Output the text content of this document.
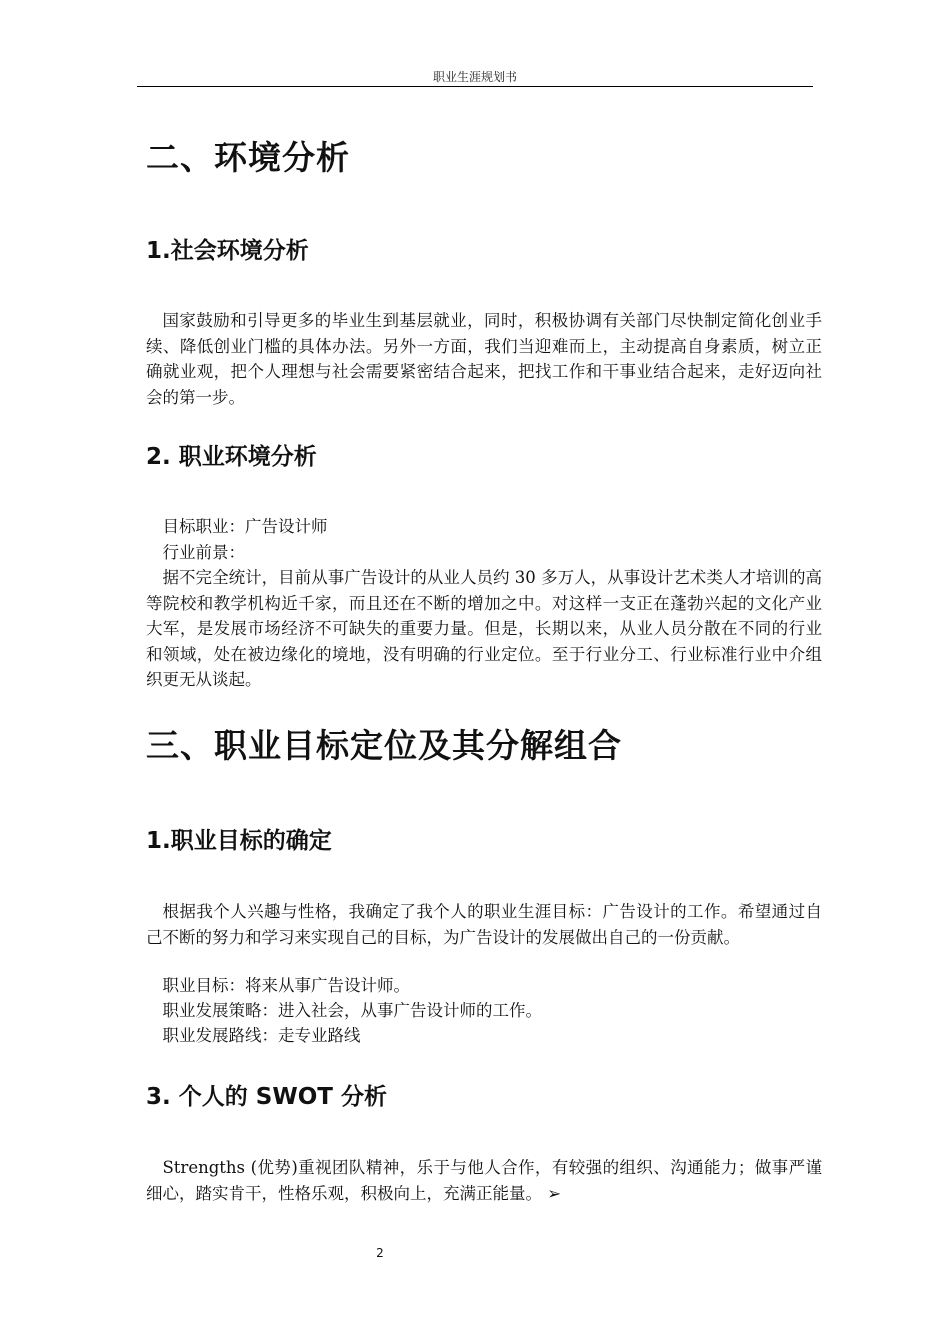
职业生涯规划书
二、环境分析
1.社会环境分析

国家鼓励和引导更多的毕业生到基层就业，同时，积极协调有关部门尽快制定简化创业手续、降低创业门槛的具体办法。另外一方面，我们当迎难而上，主动提高自身素质，树立正确就业观，把个人理想与社会需要紧密结合起来，把找工作和干事业结合起来，走好迈向社会的第一步。

2. 职业环境分析

目标职业：广告设计师

行业前景：

据不完全统计，目前从事广告设计的从业人员约 30 多万人，从事设计艺术类人才培训的高等院校和教学机构近千家，而且还在不断的增加之中。对这样一支正在蓬勃兴起的文化产业大军，是发展市场经济不可缺失的重要力量。但是，长期以来，从业人员分散在不同的行业和领域，处在被边缘化的境地，没有明确的行业定位。至于行业分工、行业标准行业中介组织更无从谈起。

三、职业目标定位及其分解组合
1.职业目标的确定

根据我个人兴趣与性格，我确定了我个人的职业生涯目标：广告设计的工作。希望通过自己不断的努力和学习来实现自己的目标，为广告设计的发展做出自己的一份贡献。

职业目标：将来从事广告设计师。

职业发展策略：进入社会，从事广告设计师的工作。

职业发展路线：走专业路线

3. 个人的 SWOT 分析

Strengths (优势)重视团队精神，乐于与他人合作，有较强的组织、沟通能力；做事严谨细心，踏实肯干，性格乐观，积极向上，充满正能量。 ➢

2
